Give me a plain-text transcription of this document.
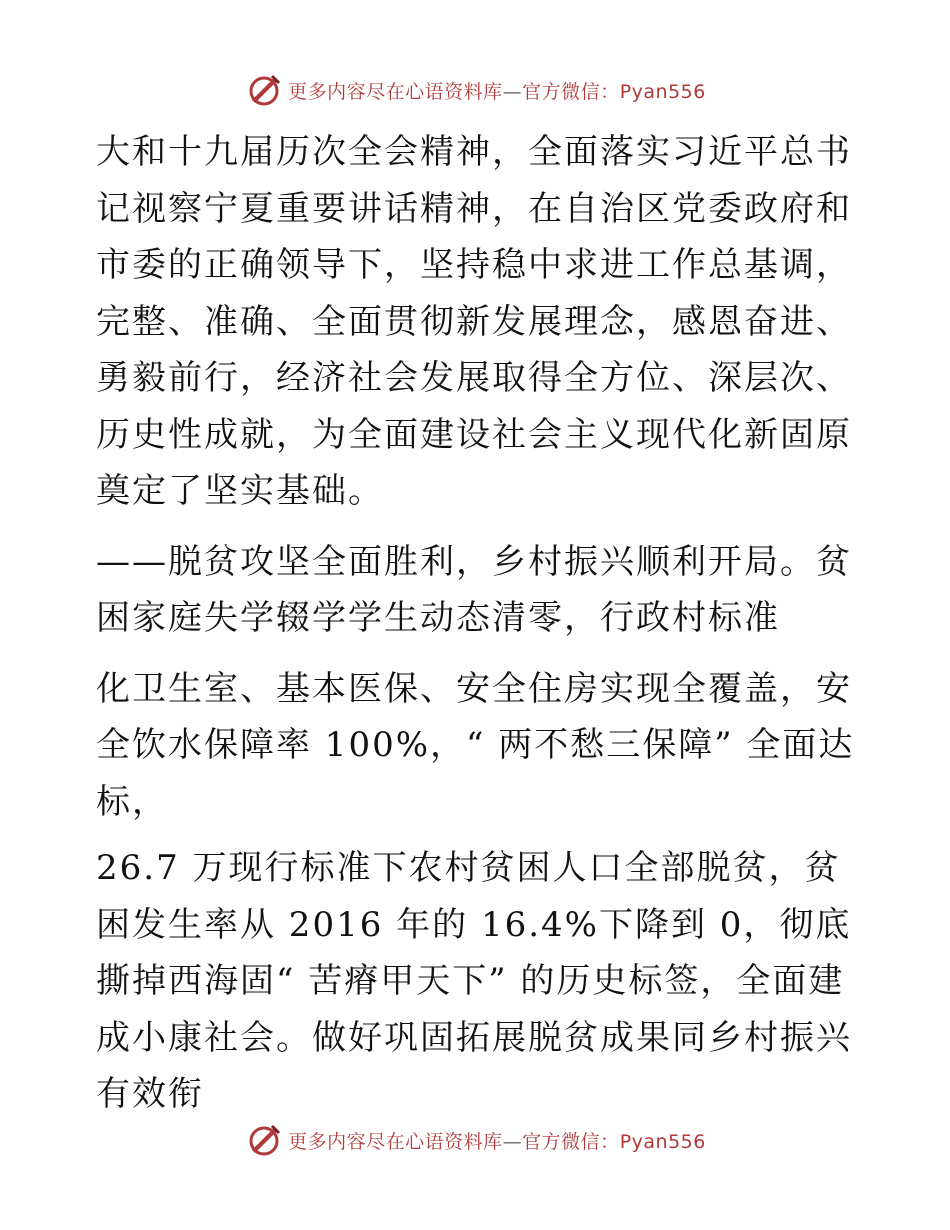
更多内容尽在心语资料库—官方微信：Pyan556

大和十九届历次全会精神，全面落实习近平总书记视察宁夏重要讲话精神，在自治区党委政府和市委的正确领导下，坚持稳中求进工作总基调，完整、准确、全面贯彻新发展理念，感恩奋进、勇毅前行，经济社会发展取得全方位、深层次、历史性成就，为全面建设社会主义现代化新固原奠定了坚实基础。

——脱贫攻坚全面胜利，乡村振兴顺利开局。贫困家庭失学辍学学生动态清零，行政村标准

化卫生室、基本医保、安全住房实现全覆盖，安全饮水保障率 100%，“ 两不愁三保障” 全面达标，

26.7 万现行标准下农村贫困人口全部脱贫，贫困发生率从 2016 年的 16.4%下降到 0，彻底撕掉西海固“ 苦瘠甲天下” 的历史标签，全面建成小康社会。做好巩固拓展脱贫成果同乡村振兴有效衔

更多内容尽在心语资料库—官方微信：Pyan556
